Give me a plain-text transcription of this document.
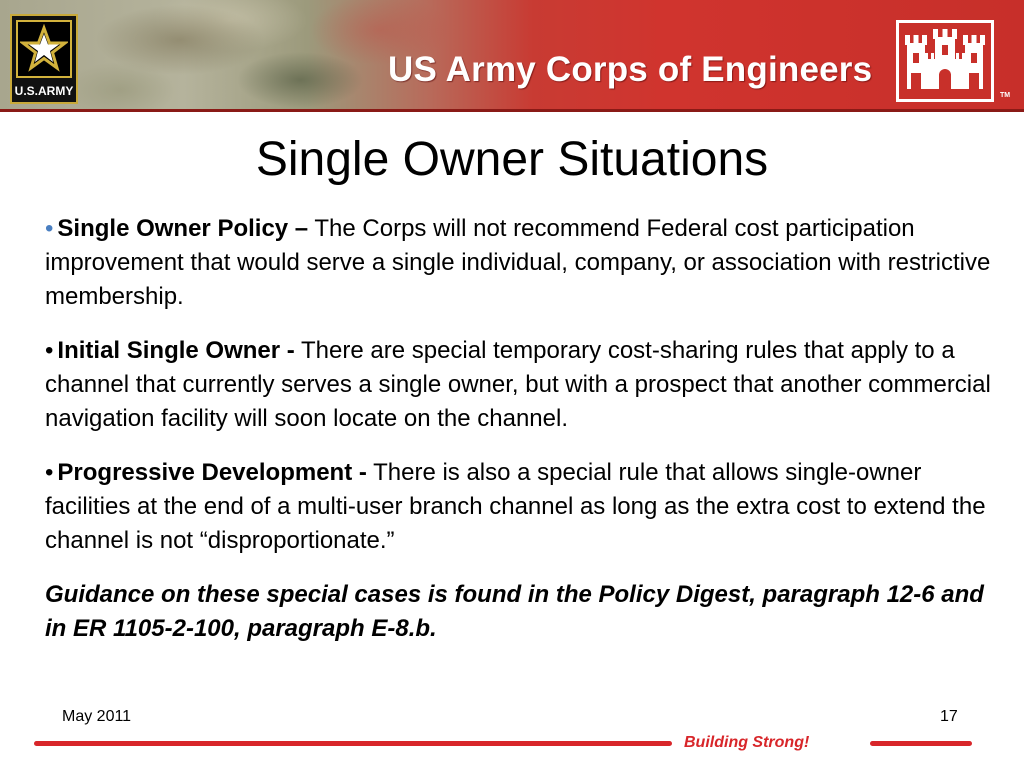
U.S.ARMY
US Army Corps of Engineers
TM
Single Owner Situations

• Single Owner Policy – The Corps will not recommend Federal cost participation improvement that would serve a single individual, company, or association with restrictive membership.

• Initial Single Owner - There are special temporary cost-sharing rules that apply to a channel that currently serves a single owner, but with a prospect that another commercial navigation facility will soon locate on the channel.

• Progressive Development - There is also a special rule that allows single-owner facilities at the end of a multi-user branch channel as long as the extra cost to extend the channel is not “disproportionate.”

Guidance on these special cases is found in the Policy Digest, paragraph 12-6 and in ER 1105-2-100, paragraph E-8.b.

May 2011	17
Building Strong!
